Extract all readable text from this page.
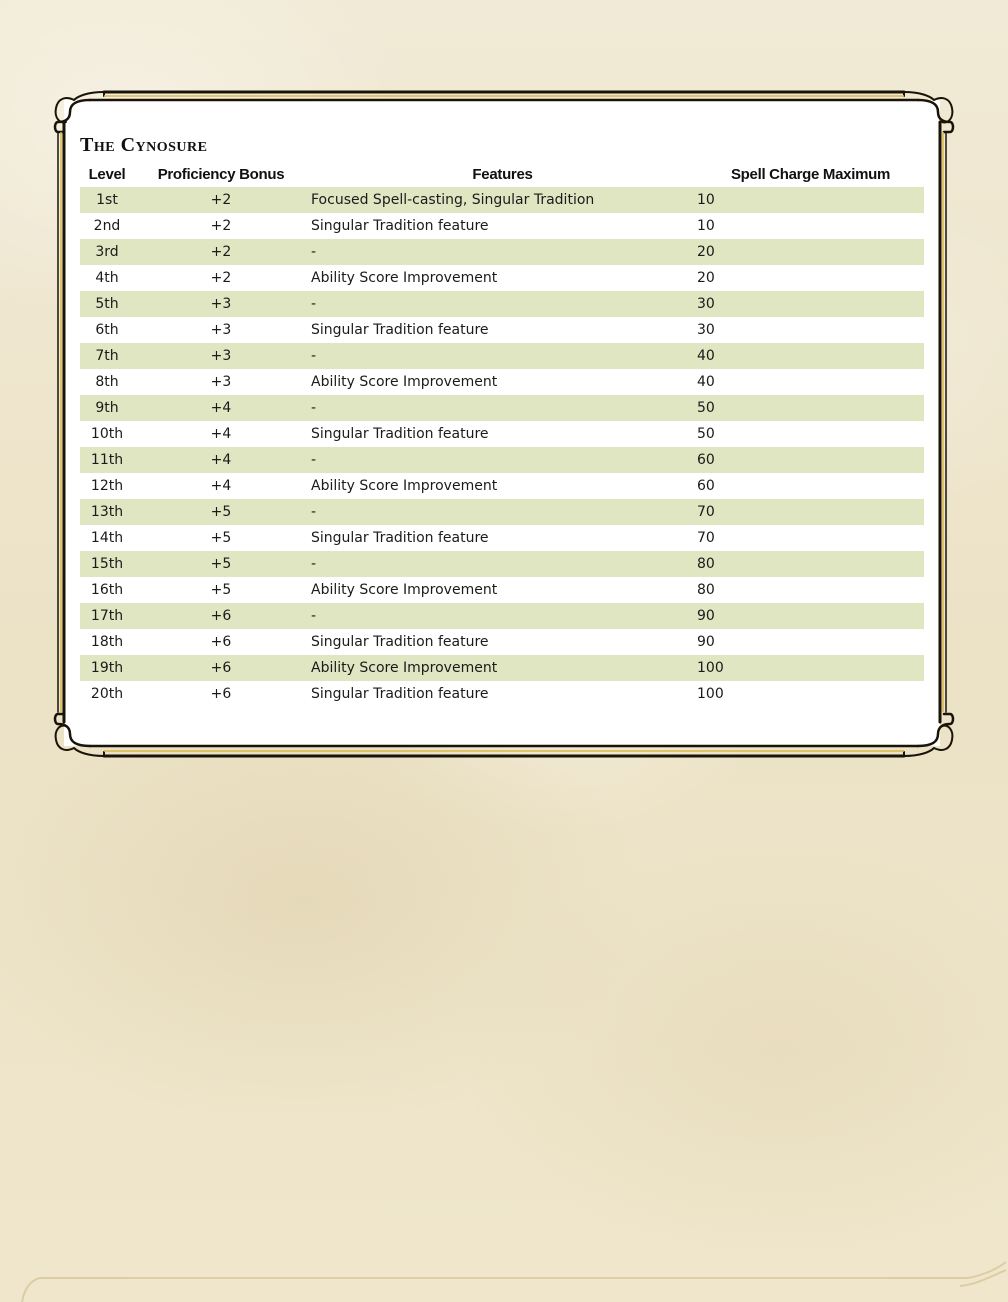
The Cynosure
Level	Proficiency Bonus	Features	Spell Charge Maximum
1st	+2	Focused Spell-casting, Singular Tradition	10
2nd	+2	Singular Tradition feature	10
3rd	+2	-	20
4th	+2	Ability Score Improvement	20
5th	+3	-	30
6th	+3	Singular Tradition feature	30
7th	+3	-	40
8th	+3	Ability Score Improvement	40
9th	+4	-	50
10th	+4	Singular Tradition feature	50
11th	+4	-	60
12th	+4	Ability Score Improvement	60
13th	+5	-	70
14th	+5	Singular Tradition feature	70
15th	+5	-	80
16th	+5	Ability Score Improvement	80
17th	+6	-	90
18th	+6	Singular Tradition feature	90
19th	+6	Ability Score Improvement	100
20th	+6	Singular Tradition feature	100
